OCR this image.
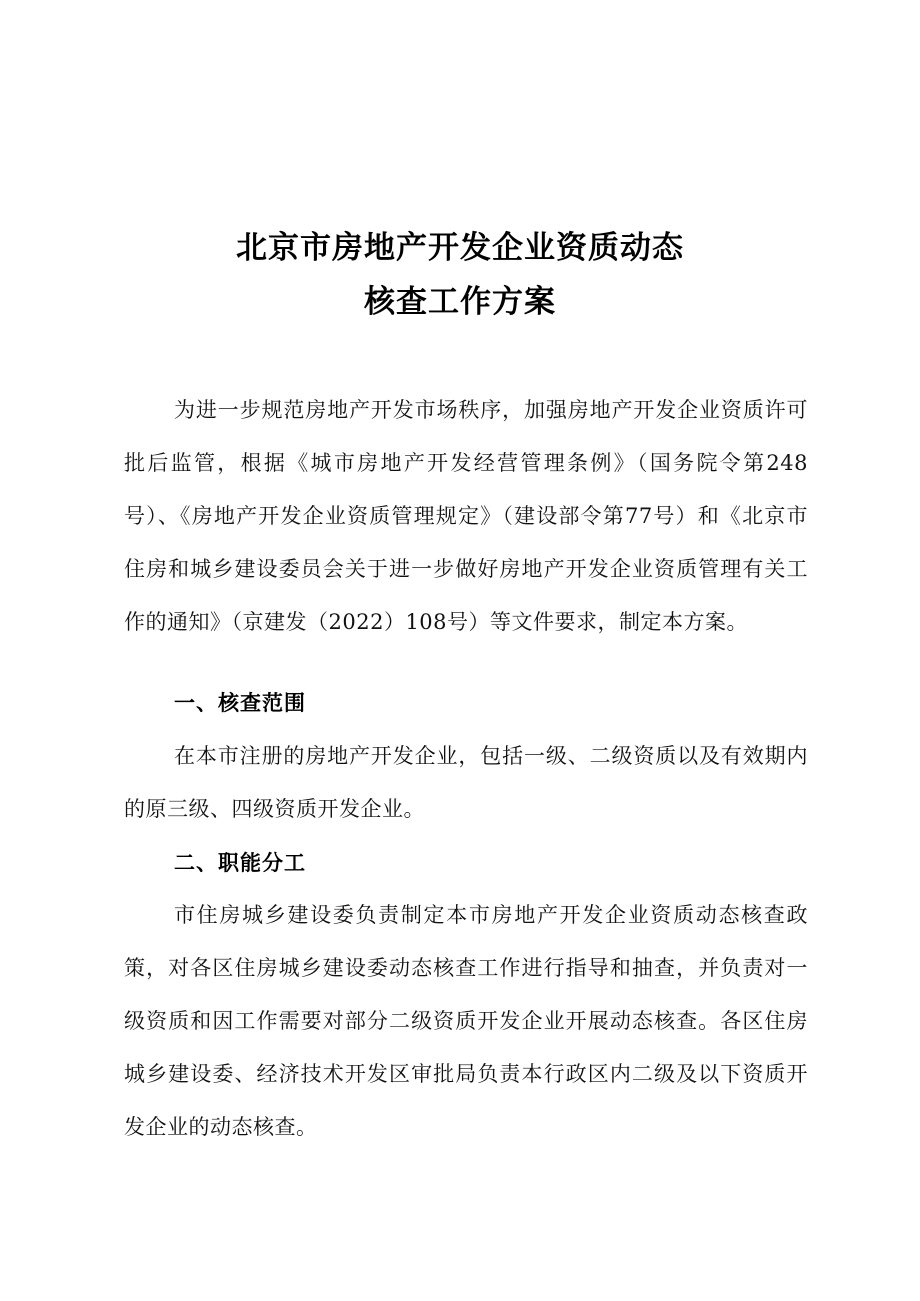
北京市房地产开发企业资质动态
核查工作方案

为进一步规范房地产开发市场秩序，加强房地产开发企业资质许可批后监管，根据《城市房地产开发经营管理条例》（国务院令第248号）、《房地产开发企业资质管理规定》（建设部令第77号）和《北京市住房和城乡建设委员会关于进一步做好房地产开发企业资质管理有关工作的通知》（京建发（2022）108号）等文件要求，制定本方案。

一、核查范围

在本市注册的房地产开发企业，包括一级、二级资质以及有效期内的原三级、四级资质开发企业。

二、职能分工

市住房城乡建设委负责制定本市房地产开发企业资质动态核查政策，对各区住房城乡建设委动态核查工作进行指导和抽查，并负责对一级资质和因工作需要对部分二级资质开发企业开展动态核查。各区住房城乡建设委、经济技术开发区审批局负责本行政区内二级及以下资质开发企业的动态核查。
